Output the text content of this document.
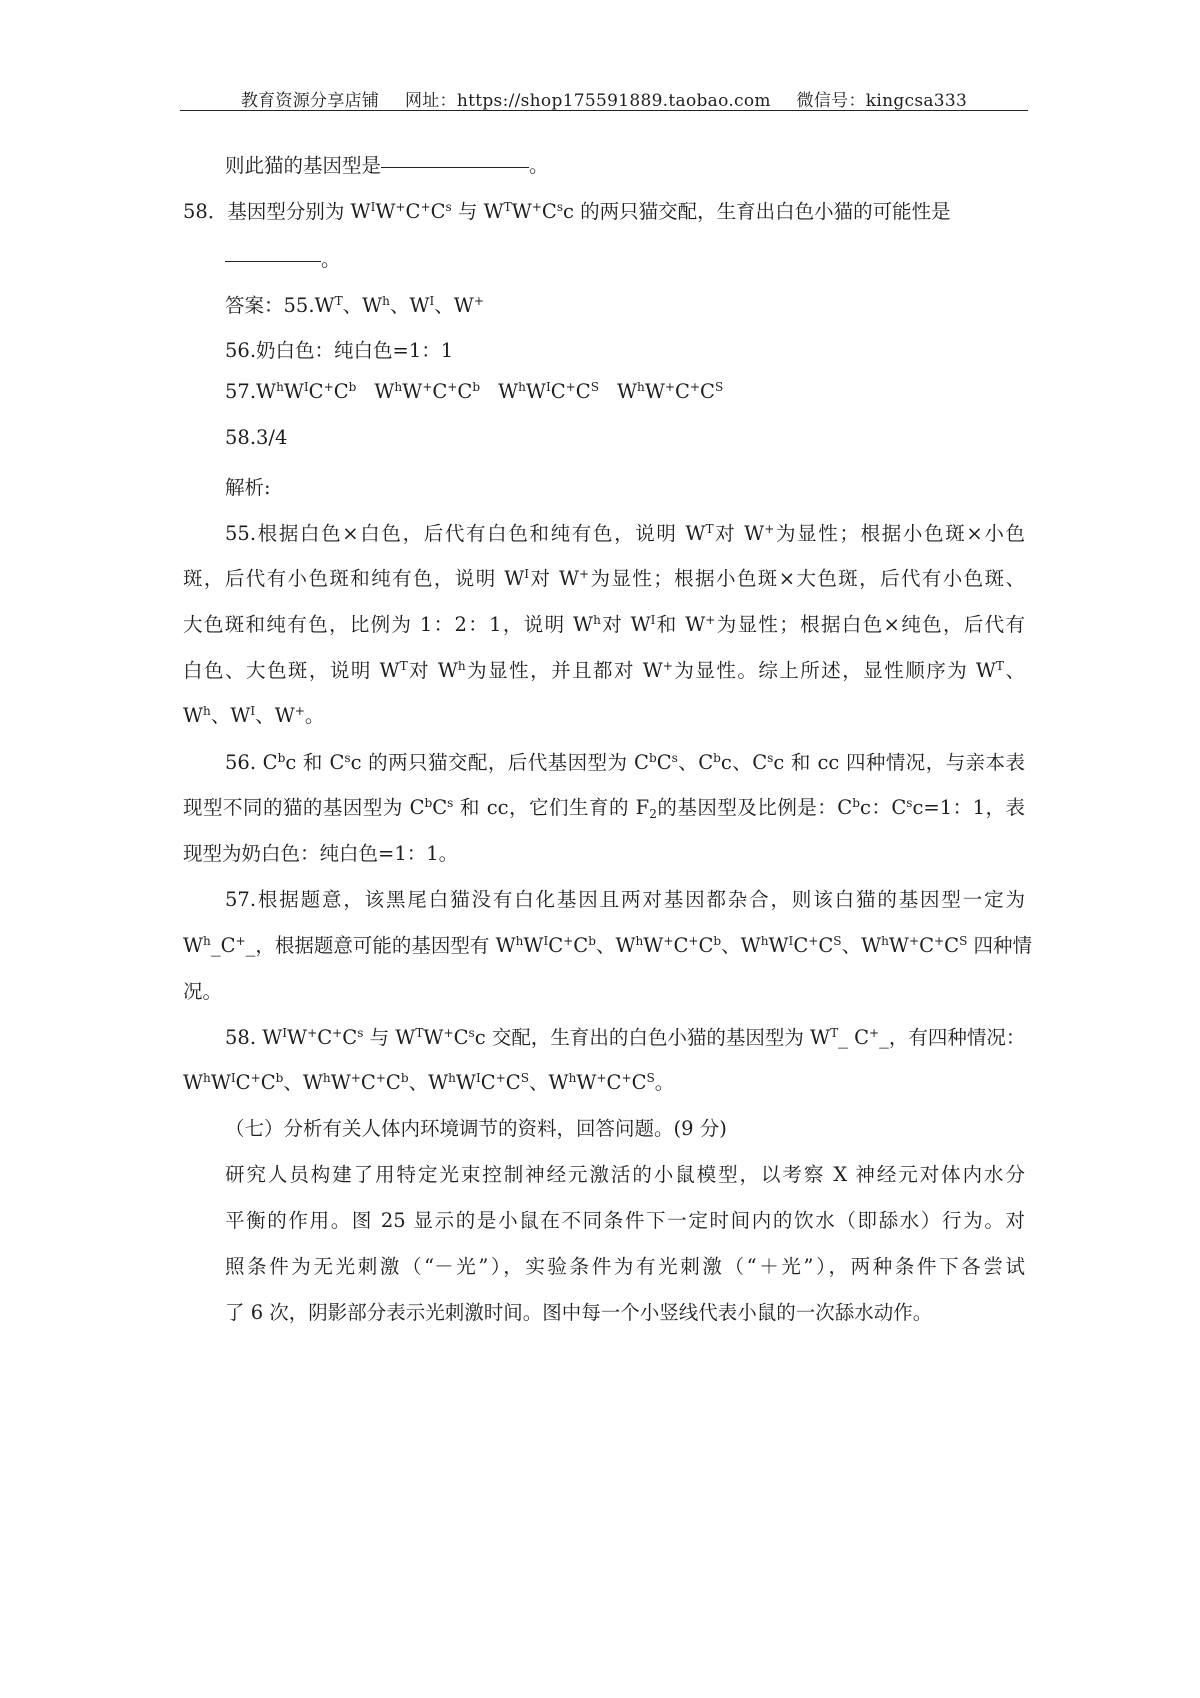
教育资源分享店铺 网址：https://shop175591889.taobao.com 微信号：kingcsa333
则此猫的基因型是	。
58．基因型分别为 $W^IW^+C^+C^s$ 与 $W^TW^+C^sc$ 的两只猫交配，生育出白色小猫的可能性是
。
答案：$55.W^T$、$W^h$、$W^I$、W+
56.奶白色：纯白色=1：1
$57.W^hW^IC^+C^b$ $W^hW^+C^+C^b$ $W^hW^IC^+C^S$ $W^hW^+C^+C^S$
58.3/4
解析:
55.根据白色×白色，后代有白色和纯有色，说明 $W^T$对 W+为显性；根据小色斑×小色
斑，后代有小色斑和纯有色，说明 $W^I$对 W+为显性；根据小色斑×大色斑，后代有小色斑、
大色斑和纯有色，比例为 1：2：1，说明 $W^h$对 $W^I$和 W+为显性；根据白色×纯色，后代有
白色、大色斑，说明 $W^T$对 $W^h$为显性，并且都对 W+为显性。综上所述，显性顺序为 $W^T$、
$W^h$、$W^I$、W+。
56. $C^bc$ 和 $C^sc$ 的两只猫交配，后代基因型为 $C^bC^s$、$C^bc$、$C^sc$ 和 cc 四种情况，与亲本表
现型不同的猫的基因型为 $C^bC^s$ 和 cc，它们生育的 $F_2$的基因型及比例是：$C^bc$：$C^sc=1$：1，表
现型为奶白色：纯白色=1：1。
57.根据题意，该黑尾白猫没有白化基因且两对基因都杂合，则该白猫的基因型一定为
$W^h\_C^+\_$，根据题意可能的基因型有 $W^hW^IC^+C^b$、$W^hW^+C^+C^b$、$W^hW^IC^+C^S$、$W^hW^+C^+C^S$ 四种情
况。
58. $W^IW^+C^+C^s$ 与 $W^TW^+C^sc$ 交配，生育出的白色小猫的基因型为 $W^T\_$ C+_，有四种情况：
$W^hW^IC^+C^b$、$W^hW^+C^+C^b$、$W^hW^IC^+C^S$、$W^hW^+C^+C^S$。
（七）分析有关人体内环境调节的资料，回答问题。(9 分)
研究人员构建了用特定光束控制神经元激活的小鼠模型，以考察 X 神经元对体内水分
平衡的作用。图 25 显示的是小鼠在不同条件下一定时间内的饮水（即舔水）行为。对
照条件为无光刺激（“－光”），实验条件为有光刺激（“＋光”），两种条件下各尝试
了 6 次，阴影部分表示光刺激时间。图中每一个小竖线代表小鼠的一次舔水动作。
